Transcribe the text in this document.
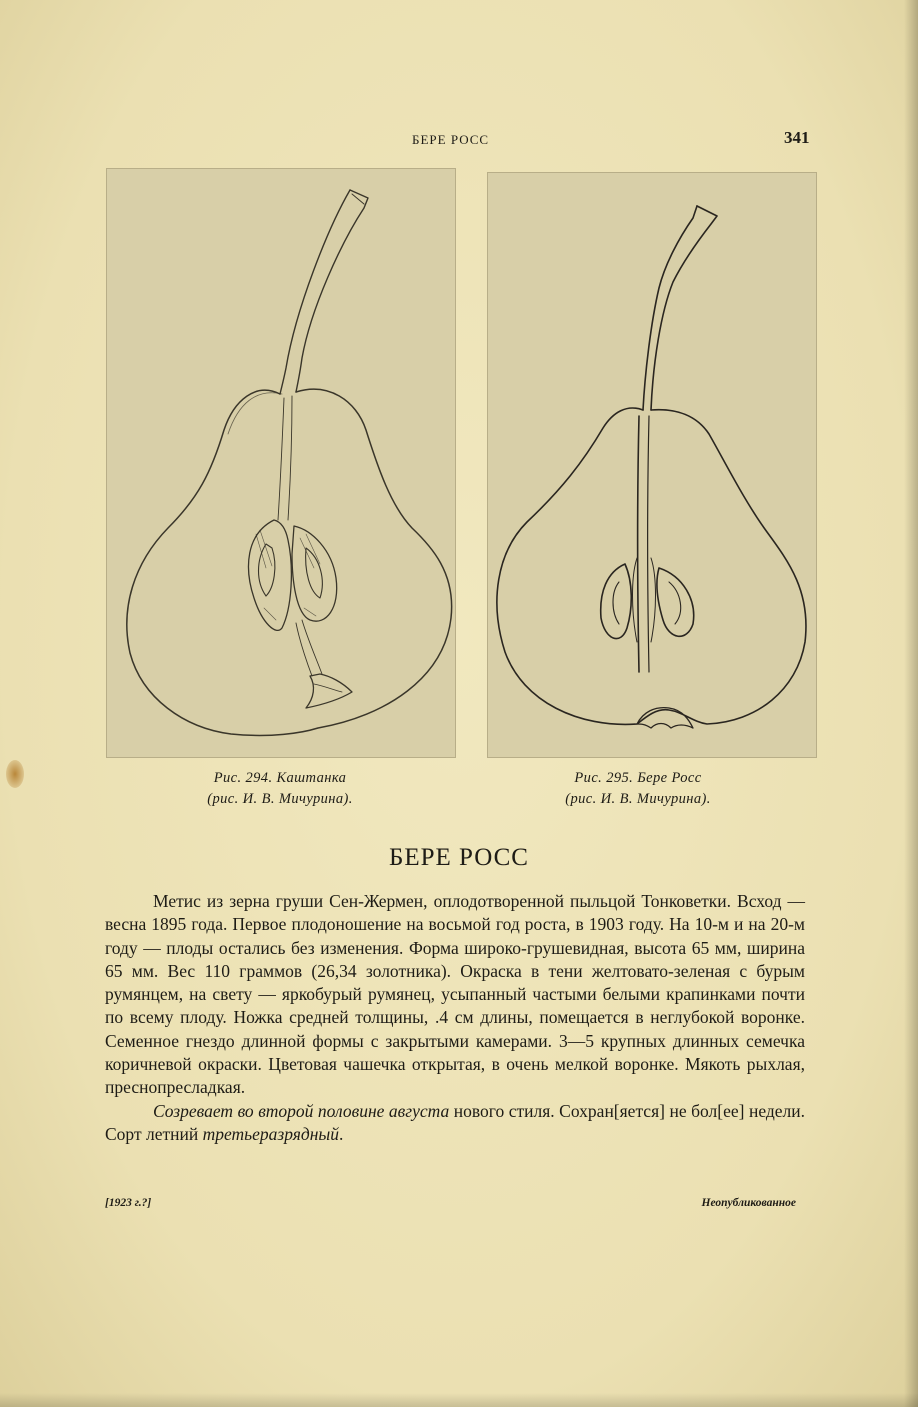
БЕРЕ РОСС	341
Рис. 294. Каштанка
(рис. И. В. Мичурина).
Рис. 295. Бере Росс
(рис. И. В. Мичурина).
БЕРЕ РОСС

Метис из зерна груши Сен-Жермен, оплодотворенной пыльцой Тонковетки. Всход — весна 1895 года. Первое плодоношение на восьмой год роста, в 1903 году. На 10-м и на 20-м году — плоды остались без изменения. Форма широко-грушевидная, высота 65 мм, ширина 65 мм. Вес 110 граммов (26,34 золотника). Окраска в тени желтовато-зеленая с бурым румянцем, на свету — яркобурый румянец, усыпанный частыми белыми крапинками почти по всему плоду. Ножка средней толщины, .4 см длины, помещается в неглубокой воронке. Семенное гнездо длинной формы с закрытыми камерами. 3—5 крупных длинных семечка коричневой окраски. Цветовая чашечка открытая, в очень мелкой воронке. Мякоть рыхлая, преснопресладкая.

Созревает во второй половине августа нового стиля. Сохран[яется] не бол[ее] недели. Сорт летний третьеразрядный.

[1923 г.?]	Неопубликованное
